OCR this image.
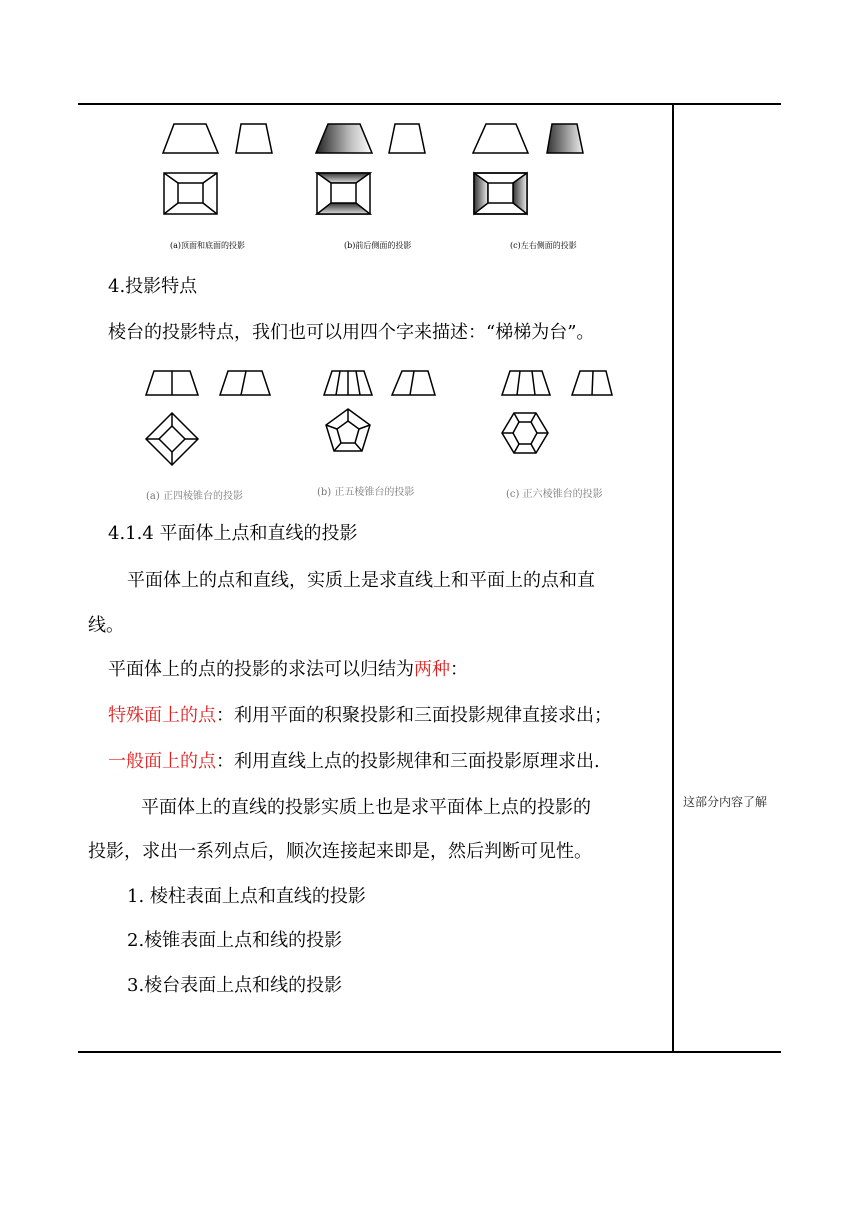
(a)顶面和底面的投影	(b)前后侧面的投影	(c)左右侧面的投影
4.投影特点
棱台的投影特点，我们也可以用四个字来描述：“梯梯为台”。
(a) 正四棱锥台的投影	(b) 正五棱锥台的投影	(c) 正六棱锥台的投影
4.1.4 平面体上点和直线的投影
平面体上的点和直线，实质上是求直线上和平面上的点和直
线。
平面体上的点的投影的求法可以归结为两种：
特殊面上的点：利用平面的积聚投影和三面投影规律直接求出；
一般面上的点：利用直线上点的投影规律和三面投影原理求出.
平面体上的直线的投影实质上也是求平面体上点的投影的
投影，求出一系列点后，顺次连接起来即是，然后判断可见性。
1. 棱柱表面上点和直线的投影
2.棱锥表面上点和线的投影
3.棱台表面上点和线的投影
这部分内容了解
